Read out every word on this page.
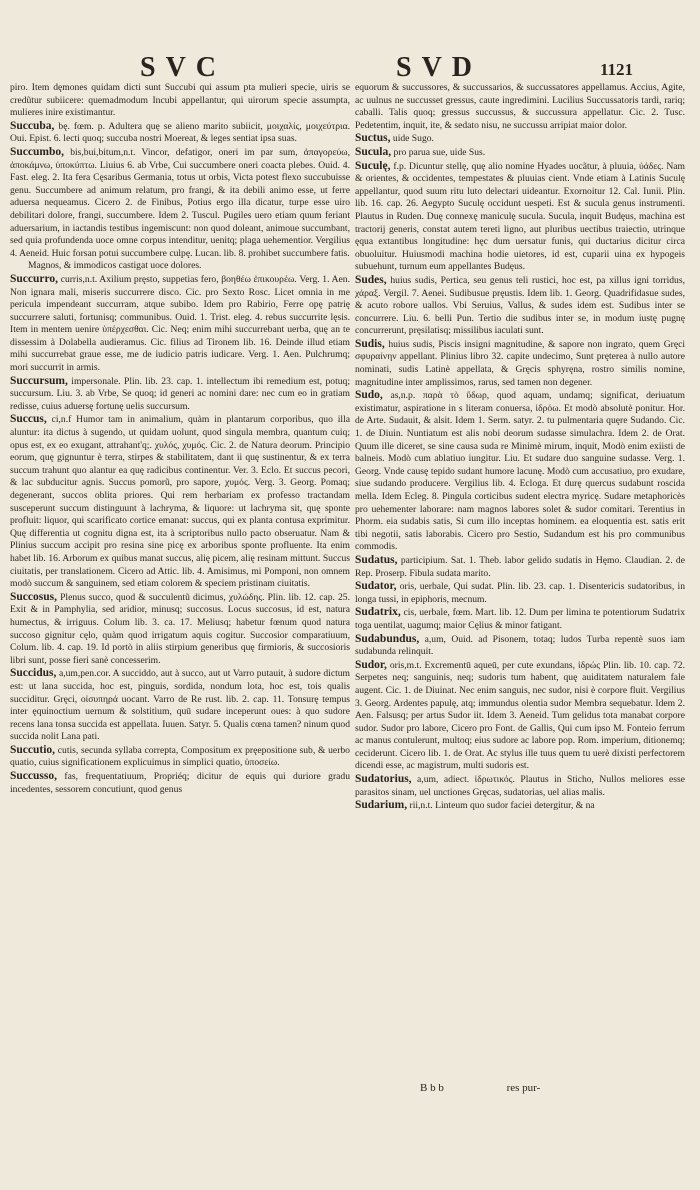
SVC	SVD	1121

piro. Item dęmones quidam dicti sunt Succubi qui assum pta mulieri specie, uiris se credũtur subiicere: quemadmodum Incubi appellantur, qui uirorum specie assumpta, mulieres inire existimantur.

Succuba, bę. fœm. p. Adultera quę se alieno marito subiicit, μοιχαλίς, μοιχεύτρια. Oui. Epist. 6. lecti quoq; succuba nostri Moereat, & leges sentiat ipsa suas.

Succumbo, bis,bui,bitum,n.t. Vincor, defatigor, oneri im par sum, ἀπαγορεύω, ἀποκάμνω, ὑποκύπτω. Liuius 6. ab Vrbe, Cui succumbere oneri coacta plebes. Ouid. 4. Fast. eleg. 2. Ita fera Cęsaribus Germania, totus ut orbis, Victa potest flexo succubuisse genu. Succumbere ad animum relatum, pro frangi, & ita debili animo esse, ut ferre aduersa nequeamus. Cicero 2. de Finibus, Potius ergo illa dicatur, turpe esse uiro debilitari dolore, frangi, succumbere. Idem 2. Tuscul. Pugiles uero etiam quum feriant aduersarium, in iactandis testibus ingemiscunt: non quod doleant, animoue succumbant, sed quia profundenda uoce omne corpus intenditur, uenitq; plaga uehementior. Vergilius 4. Aeneid. Huic forsan potui succumbere culpę. Lucan. lib. 8. prohibet succumbere fatis.

Magnos, & immodicos castigat uoce dolores.

Succurro, curris,n.t. Axilium pręsto, suppetias fero, βοηθέω ἐπικουρέω. Verg. 1. Aen. Non ignara mali, miseris succurrere disco. Cic. pro Sexto Rosc. Licet omnia in me pericula impendeant succurram, atque subibo. Idem pro Rabirio, Ferre opę patrię succurrere saluti, fortunisq; communibus. Ouid. 1. Trist. eleg. 4. rebus succurrite lęsis. Item in mentem uenire ὑπέρχεσθαι. Cic. Neq; enim mihi succurrebant uerba, quę an te dissessim à Dolabella audieramus. Cic. filius ad Tironem lib. 16. Deinde illud etiam mihi succurrebat graue esse, me de iudicio patris iudicare. Verg. 1. Aen. Pulchrumq; mori succurrit in armis.

Succursum, impersonale. Plin. lib. 23. cap. 1. intellectum ibi remedium est, potuq; succursum. Liu. 3. ab Vrbe, Se quoq; id generi ac nomini dare: nec cum eo in gratiam redisse, cuius aduersę fortunę uelis succursum.

Succus, ci,n.f Humor tam in animalium, quàm in plantarum corporibus, quo illa aluntur: ita dictus à sugendo, ut quidam uolunt, quod singula membra, quantum cuiq; opus est, ex eo exugant, attrahant'q;. χυλός, χυμός. Cic. 2. de Natura deorum. Principio eorum, quę gignuntur è terra, stirpes & stabilitatem, dant ii quę sustinentur, & ex terra succum trahunt quo alantur ea quę radicibus continentur. Ver. 3. Eclo. Et succus pecori, & lac subducitur agnis. Succus pomorũ, pro sapore, χυμός. Verg. 3. Georg. Pomaq; degenerant, succos oblita priores. Qui rem herbariam ex professo tractandam susceperunt succum distinguunt à lachryma, & liquore: ut lachryma sit, quę sponte profluit: liquor, qui scarificato cortice emanat: succus, qui ex planta contusa exprimitur. Quę differentia ut cognitu digna est, ita à scriptoribus nullo pacto obseruatur. Nam & Plinius succum accipit pro resina sine picę ex arboribus sponte profluente. Ita enim habet lib. 16. Arborum ex quibus manat succus, alię picem, alię resinam mittunt. Succus ciuitatis, per translationem. Cicero ad Attic. lib. 4. Amisimus, mi Pomponi, non omnem modò succum & sanguinem, sed etiam colorem & speciem pristinam ciuitatis.

Succosus, Plenus succo, quod & succulentũ dicimus, χυλώδης. Plin. lib. 12. cap. 25. Exit & in Pamphylia, sed aridior, minusq; succosus. Locus succosus, id est, natura humectus, & irriguus. Colum lib. 3. ca. 17. Meliusq; habetur fœnum quod natura succoso gignitur cęlo, quàm quod irrigatum aquis cogitur. Succosior comparatiuum, Colum. lib. 4. cap. 19. Id portò in aliis stirpium generibus quę firmioris, & succosioris libri sunt, posse fieri sanè concesserim.

Succidus, a,um,pen.cor. A succiddo, aut à succo, aut ut Varro putauit, à sudore dictum est: ut lana succida, hoc est, pinguis, sordida, nondum lota, hoc est, tois qualis succiditur. Gręci, οἰσυπηρά uocant. Varro de Re rust. lib. 2. cap. 11. Tonsurę tempus inter ęquinoctium uernum & solstitium, quū sudare inceperunt oues: à quo sudore recens lana tonsa succida est appellata. Iuuen. Satyr. 5. Qualis cœna tamen? ninum quod succida nolit Lana pati.

Succutio, cutis, secunda syllaba correpta, Compositum ex pręepositione sub, & uerbo quatio, cuius significationem explicuimus in simplici quatio, ὑποσείω.

Succusso, fas, frequentatiuum, Propriéq; dicitur de equis qui duriore gradu incedentes, sessorem concutiunt, quod genus

equorum & succussores, & succussarios, & succussatores appellamus. Accius, Agite, ac uulnus ne succusset gressus, caute ingredimini. Lucilius Succussatoris tardi, rariq; caballi. Talis quoq; gressus succussus, & succussura appellatur. Cic. 2. Tusc. Pedetentim, inquit, ite, & sedato nisu, ne succussu arripiat maior dolor.

Suctus, uide Sugo.

Sucula, pro parua sue, uide Sus.

Suculę, f.p. Dicuntur stellę, quę alio nomine Hyades uocãtur, à pluuia, ὑάδες. Nam & orientes, & occidentes, tempestates & pluuias cient. Vnde etiam à Latinis Suculę appellantur, quod suum ritu luto delectari uideantur. Exornoitur 12. Cal. Iunii. Plin. lib. 16. cap. 26. Aegypto Suculę occidunt uespeti. Est & sucula genus instrumenti. Plautus in Ruden. Duę connexę maniculę sucula. Sucula, inquit Budęus, machina est tractorij generis, constat autem tereti ligno, aut pluribus uectibus traiectio, utrinque ęqua extantibus longitudine: hęc dum uersatur funis, qui ductarius dicitur circa obuoluitur. Huiusmodi machina hodie uietores, id est, cuparii uina ex hypogeis subuehunt, turnum eum appellantes Budęus.

Sudes, huius sudis, Pertica, seu genus teli rustici, hoc est, pa xillus igni torridus, χάραξ. Vergil. 7. Aenei. Sudibusue pręustis. Idem lib. 1. Georg. Quadrifidasue sudes, & acuto robore uallos. Vbi Seruius, Vallus, & sudes idem est. Sudibus inter se concurrere. Liu. 6. belli Pun. Tertio die sudibus inter se, in modum iustę pugnę concurrerunt, pręsilatisq; missilibus iaculati sunt.

Sudis, huius sudis, Piscis insigni magnitudine, & sapore non ingrato, quem Gręci σφυραίνην appellant. Plinius libro 32. capite undecimo, Sunt pręterea à nullo autore nominati, sudis Latinè appellata, & Gręcis sphyręna, rostro similis nomine, magnitudine inter amplissimos, rarus, sed tamen non degener.

Sudo, as,n.p. παρὰ τὸ ὕδωρ, quod aquam, undamq; significat, deriuatum existimatur, aspiratione in s literam conuersa, ἱδρόω. Et modò absolutè ponitur. Hor. de Arte. Sudauit, & alsit. Idem 1. Serm. satyr. 2. tu pulmentaria quęre Sudando. Cic. 1. de Diuin. Nuntiatum est alis nobi deorum sudasse simulachra. Idem 2. de Orat. Quum ille diceret, se sine causa suda re Minimè mirum, inquit, Modò enim exiisti de balneis. Modò cum ablatiuo iungitur. Liu. Et sudare duo sanguine sudasse. Verg. 1. Georg. Vnde causę tepido sudant humore lacunę. Modò cum accusatiuo, pro exudare, siue sudando producere. Vergilius lib. 4. Ecloga. Et durę quercus sudabunt roscida mella. Idem Ecleg. 8. Pingula corticibus sudent electra myricę. Sudare metaphoricès pro uehementer laborare: nam magnos labores solet & sudor comitari. Terentius in Phorm. eia sudabis satis, Si cum illo inceptas hominem. ea eloquentia est. satis erit tibi negotii, satis laborabis. Cicero pro Sestio, Sudandum est his pro communibus commodis.

Sudatus, participium. Sat. 1. Theb. labor gelido sudatis in Hęmo. Claudian. 2. de Rep. Proserp. Fibula sudata marito.

Sudator, oris, uerbale, Qui sudat. Plin. lib. 23. cap. 1. Disentericis sudatoribus, in longa tussi, in epiphoris, mecnum.

Sudatrix, cis, uerbale, fœm. Mart. lib. 12. Dum per limina te potentiorum Sudatrix toga uentilat, uagumq; maior Cęlius & minor fatigant.

Sudabundus, a,um, Ouid. ad Pisonem, totaq; ludos Turba repentè suos iam sudabunda relinquit.

Sudor, oris,m.t. Excrementū aqueū, per cute exundans, ἱδρώς Plin. lib. 10. cap. 72. Serpetes neq; sanguinis, neq; sudoris tum habent, quę auiditatem naturalem fale augent. Cic. 1. de Diuinat. Nec enim sanguis, nec sudor, nisi è corpore fluit. Vergilius 3. Georg. Ardentes papulę, atq; immundus olentia sudor Membra sequebatur. Idem 2. Aen. Falsusq; per artus Sudor iit. Idem 3. Aeneid. Tum gelidus tota manabat corpore sudor. Sudor pro labore, Cicero pro Font. de Gallis, Qui cum ipso M. Fonteio ferrum ac manus contulerunt, multoq; eius sudore ac labore pop. Rom. imperium, ditionemq; ceciderunt. Cicero lib. 1. de Orat. Ac stylus ille tuus quem tu uerè dixisti perfectorem dicendi esse, ac magistrum, multi sudoris est.

Sudatorius, a,um, adiect. ἱδρωτικός. Plautus in Sticho, Nullos meliores esse parasitos sinam, uel unctiones Gręcas, sudatorias, uel alias malis.

Sudarium, rii,n.t. Linteum quo sudor faciei detergitur, & na

B b b	res pur-
